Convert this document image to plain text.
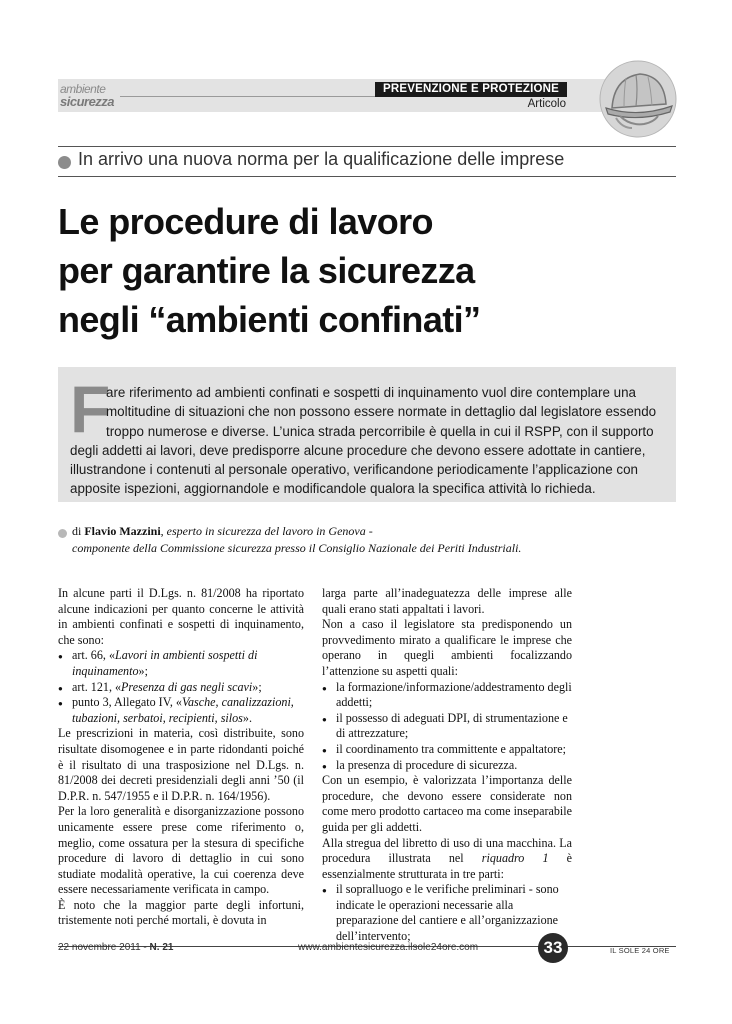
ambiente
sicurezza
PREVENZIONE E PROTEZIONE
Articolo
In arrivo una nuova norma per la qualificazione delle imprese
Le procedure di lavoro
per garantire la sicurezza
negli “ambienti confinati”
F
are riferimento ad ambienti confinati e sospetti di inquinamento vuol dire contemplare una
moltitudine di situazioni che non possono essere normate in dettaglio dal legislatore essendo
troppo numerose e diverse. L’unica strada percorribile è quella in cui il RSPP, con il supporto
degli addetti ai lavori, deve predisporre alcune procedure che devono essere adottate in cantiere,
illustrandone i contenuti al personale operativo, verificandone periodicamente l’applicazione con
apposite ispezioni, aggiornandole e modificandole qualora la specifica attività lo richieda.
di Flavio Mazzini, esperto in sicurezza del lavoro in Genova -
componente della Commissione sicurezza presso il Consiglio Nazionale dei Periti Industriali.

In alcune parti il D.Lgs. n. 81/2008 ha riportato alcune indicazioni per quanto concerne le attività in ambienti confinati e sospetti di inquinamento, che sono:

● art. 66, «Lavori in ambienti sospetti di inquinamento»;
● art. 121, «Presenza di gas negli scavi»;
● punto 3, Allegato IV, «Vasche, canalizzazioni, tubazioni, serbatoi, recipienti, silos».

Le prescrizioni in materia, così distribuite, sono risultate disomogenee e in parte ridondanti poiché è il risultato di una trasposizione nel D.Lgs. n. 81/2008 dei decreti presidenziali degli anni ’50 (il D.P.R. n. 547/1955 e il D.P.R. n. 164/1956).

Per la loro generalità e disorganizzazione possono unicamente essere prese come riferimento o, meglio, come ossatura per la stesura di specifiche procedure di lavoro di dettaglio in cui sono studiate modalità operative, la cui coerenza deve essere necessariamente verificata in campo.

È noto che la maggior parte degli infortuni, tristemente noti perché mortali, è dovuta in

larga parte all’inadeguatezza delle imprese alle quali erano stati appaltati i lavori.

Non a caso il legislatore sta predisponendo un provvedimento mirato a qualificare le imprese che operano in quegli ambienti focalizzando l’attenzione su aspetti quali:

● la formazione/informazione/addestramento degli addetti;
● il possesso di adeguati DPI, di strumentazione e di attrezzature;
● il coordinamento tra committente e appaltatore;
● la presenza di procedure di sicurezza.

Con un esempio, è valorizzata l’importanza delle procedure, che devono essere considerate non come mero prodotto cartaceo ma come inseparabile guida per gli addetti.

Alla stregua del libretto di uso di una macchina. La procedura illustrata nel riquadro 1 è essenzialmente strutturata in tre parti:

● il sopralluogo e le verifiche preliminari - sono indicate le operazioni necessarie alla preparazione del cantiere e all’organizzazione dell’intervento;
22 novembre 2011 - N. 21	www.ambientesicurezza.ilsole24ore.com	33	IL SOLE 24 ORE
